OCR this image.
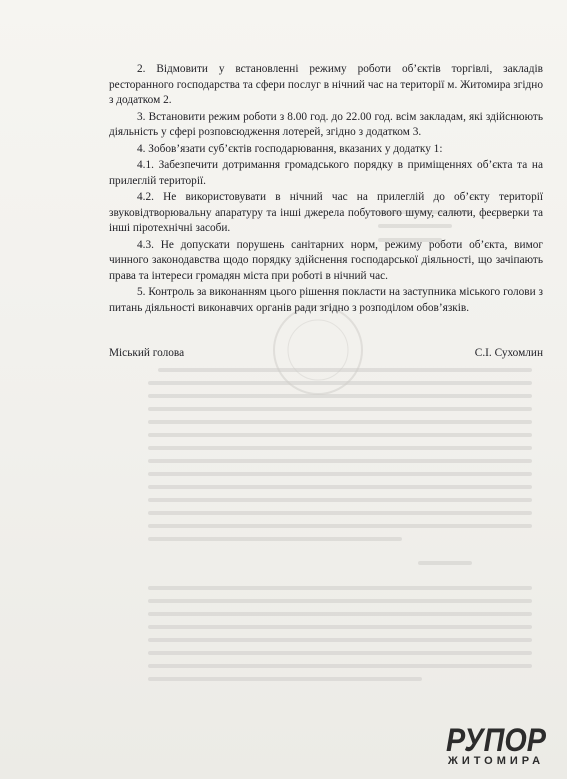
2. Відмовити у встановленні режиму роботи об’єктів торгівлі, закладів ресторанного господарства та сфери послуг в нічний час на території м. Житомира згідно з додатком 2.

3. Встановити режим роботи з 8.00 год. до 22.00 год. всім закладам, які здійснюють діяльність у сфері розповсюдження лотерей, згідно з додатком 3.

4. Зобов’язати суб’єктів господарювання, вказаних у додатку 1:

4.1. Забезпечити дотримання громадського порядку в приміщеннях об’єкта та на прилеглій території.

4.2. Не використовувати в нічний час на прилеглій до об’єкту території звуковідтворювальну апаратуру та інші джерела побутового шуму, салюти, феєрверки та інші піротехнічні засоби.

4.3. Не допускати порушень санітарних норм, режиму роботи об’єкта, вимог чинного законодавства щодо порядку здійснення господарської діяльності, що зачіпають права та інтереси громадян міста при роботі в нічний час.

5. Контроль за виконанням цього рішення покласти на заступника міського голови з питань діяльності виконавчих органів ради згідно з розподілом обов’язків.

Міський голова	С.І. Сухомлин
РУПОР
ЖИТОМИРА
